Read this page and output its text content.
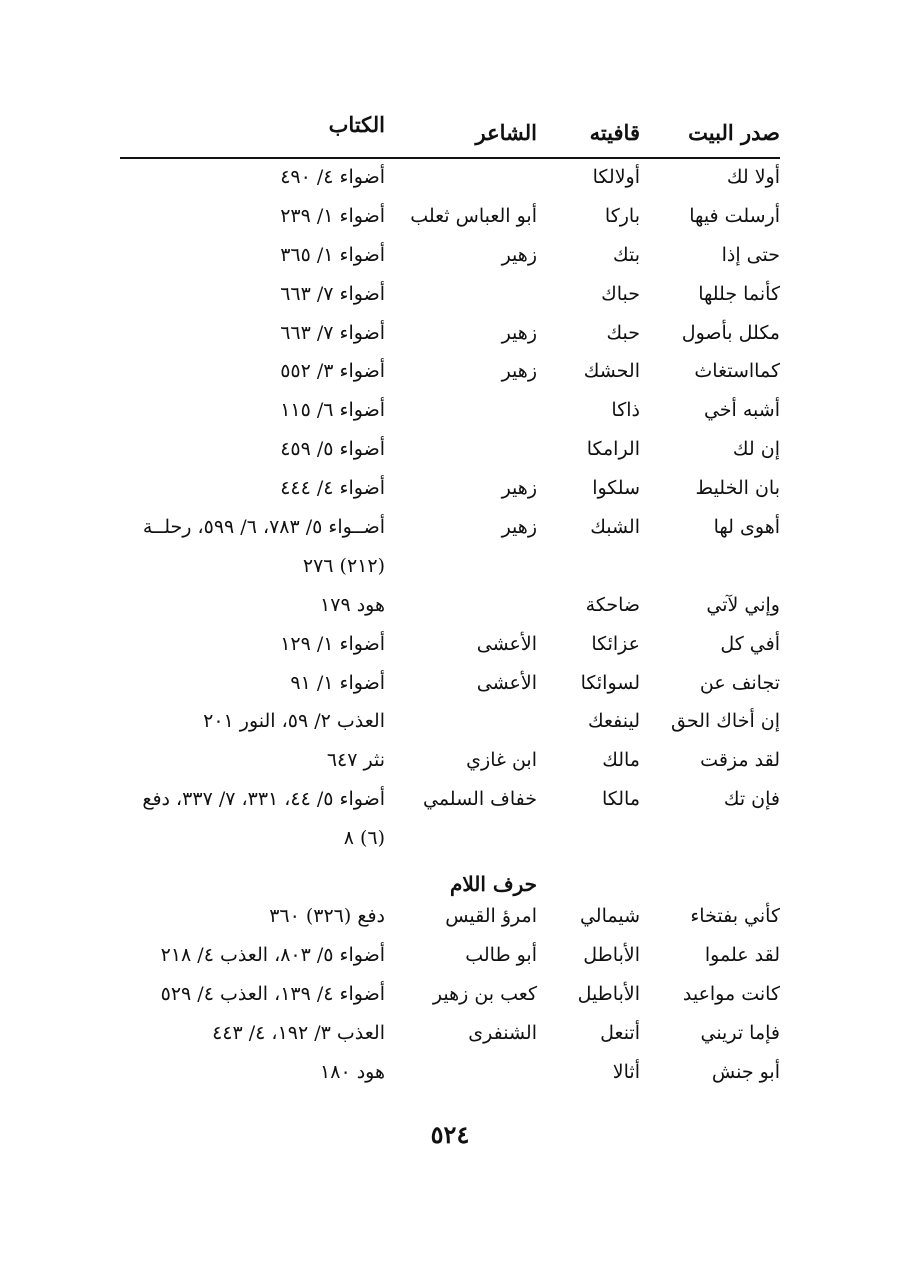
صدر البيت
قافيته
الشاعر
الكتاب
أولا لك
أولالكا
أضواء ٤/ ٤٩٠
أرسلت فيها
باركا
أبو العباس ثعلب
أضواء ١/ ٢٣٩
حتى إذا
بتك
زهير
أضواء ١/ ٣٦٥
كأنما جللها
حباك
أضواء ٧/ ٦٦٣
مكلل بأصول
حبك
زهير
أضواء ٧/ ٦٦٣
كمااستغاث
الحشك
زهير
أضواء ٣/ ٥٥٢
أشبه أخي
ذاكا
أضواء ٦/ ١١٥
إن لك
الرامكا
أضواء ٥/ ٤٥٩
بان الخليط
سلكوا
زهير
أضواء ٤/ ٤٤٤
أهوى لها
الشبك
زهير
أضــواء ٥/ ٧٨٣، ٦/ ٥٩٩، رحلــة (٢١٢) ٢٧٦
وإني لآتي
ضاحكة
هود ١٧٩
أفي كل
عزائكا
الأعشى
أضواء ١/ ١٢٩
تجانف عن
لسوائكا
الأعشى
أضواء ١/ ٩١
إن أخاك الحق
لينفعك
العذب ٢/ ٥٩، النور ٢٠١
لقد مزقت
مالك
ابن غازي
نثر ٦٤٧
فإن تك
مالكا
خفاف السلمي
أضواء ٥/ ٤٤، ٣٣١، ٧/ ٣٣٧، دفع (٦) ٨
حرف اللام
كأني بفتخاء
شيمالي
امرؤ القيس
دفع (٣٢٦) ٣٦٠
لقد علموا
الأباطل
أبو طالب
أضواء ٥/ ٨٠٣، العذب ٤/ ٢١٨
كانت مواعيد
الأباطيل
كعب بن زهير
أضواء ٤/ ١٣٩، العذب ٤/ ٥٢٩
فإما تريني
أتنعل
الشنفرى
العذب ٣/ ١٩٢، ٤/ ٤٤٣
أبو جنش
أثالا
هود ١٨٠
٥٢٤
